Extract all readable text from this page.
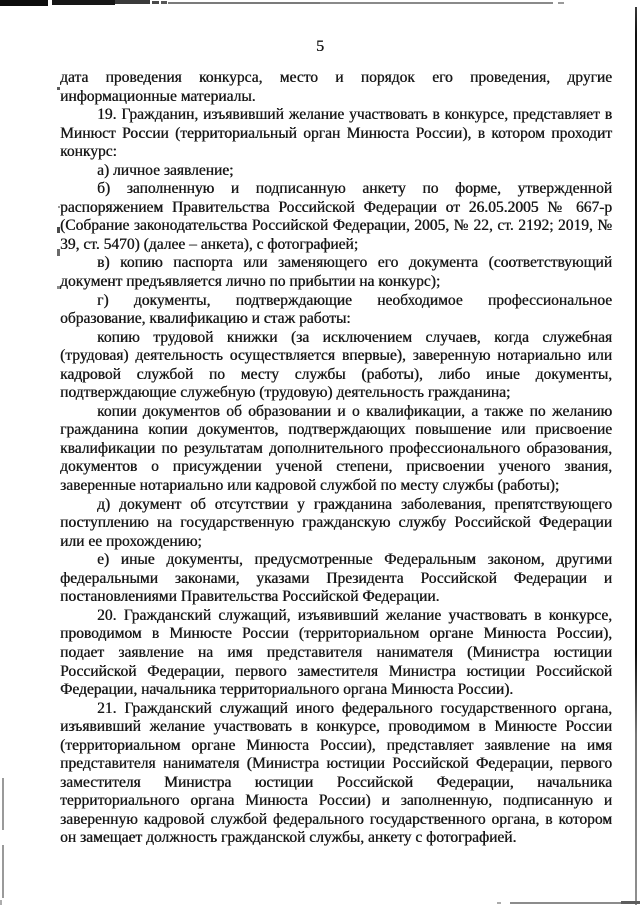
5

дата проведения конкурса, место и порядок его проведения, другие информационные материалы.

19. Гражданин, изъявивший желание участвовать в конкурсе, представляет в Минюст России (территориальный орган Минюста России), в котором проходит конкурс:

а) личное заявление;

б) заполненную и подписанную анкету по форме, утвержденной распоряжением Правительства Российской Федерации от 26.05.2005 № 667-р (Собрание законодательства Российской Федерации, 2005, № 22, ст. 2192; 2019, № 39, ст. 5470) (далее – анкета), с фотографией;

в) копию паспорта или заменяющего его документа (соответствующий документ предъявляется лично по прибытии на конкурс);

г) документы, подтверждающие необходимое профессиональное образование, квалификацию и стаж работы:

копию трудовой книжки (за исключением случаев, когда служебная (трудовая) деятельность осуществляется впервые), заверенную нотариально или кадровой службой по месту службы (работы), либо иные документы, подтверждающие служебную (трудовую) деятельность гражданина;

копии документов об образовании и о квалификации, а также по желанию гражданина копии документов, подтверждающих повышение или присвоение квалификации по результатам дополнительного профессионального образования, документов о присуждении ученой степени, присвоении ученого звания, заверенные нотариально или кадровой службой по месту службы (работы);

д) документ об отсутствии у гражданина заболевания, препятствующего поступлению на государственную гражданскую службу Российской Федерации или ее прохождению;

е) иные документы, предусмотренные Федеральным законом, другими федеральными законами, указами Президента Российской Федерации и постановлениями Правительства Российской Федерации.

20. Гражданский служащий, изъявивший желание участвовать в конкурсе, проводимом в Минюсте России (территориальном органе Минюста России), подает заявление на имя представителя нанимателя (Министра юстиции Российской Федерации, первого заместителя Министра юстиции Российской Федерации, начальника территориального органа Минюста России).

21. Гражданский служащий иного федерального государственного органа, изъявивший желание участвовать в конкурсе, проводимом в Минюсте России (территориальном органе Минюста России), представляет заявление на имя представителя нанимателя (Министра юстиции Российской Федерации, первого заместителя Министра юстиции Российской Федерации, начальника территориального органа Минюста России) и заполненную, подписанную и заверенную кадровой службой федерального государственного органа, в котором он замещает должность гражданской службы, анкету с фотографией.
